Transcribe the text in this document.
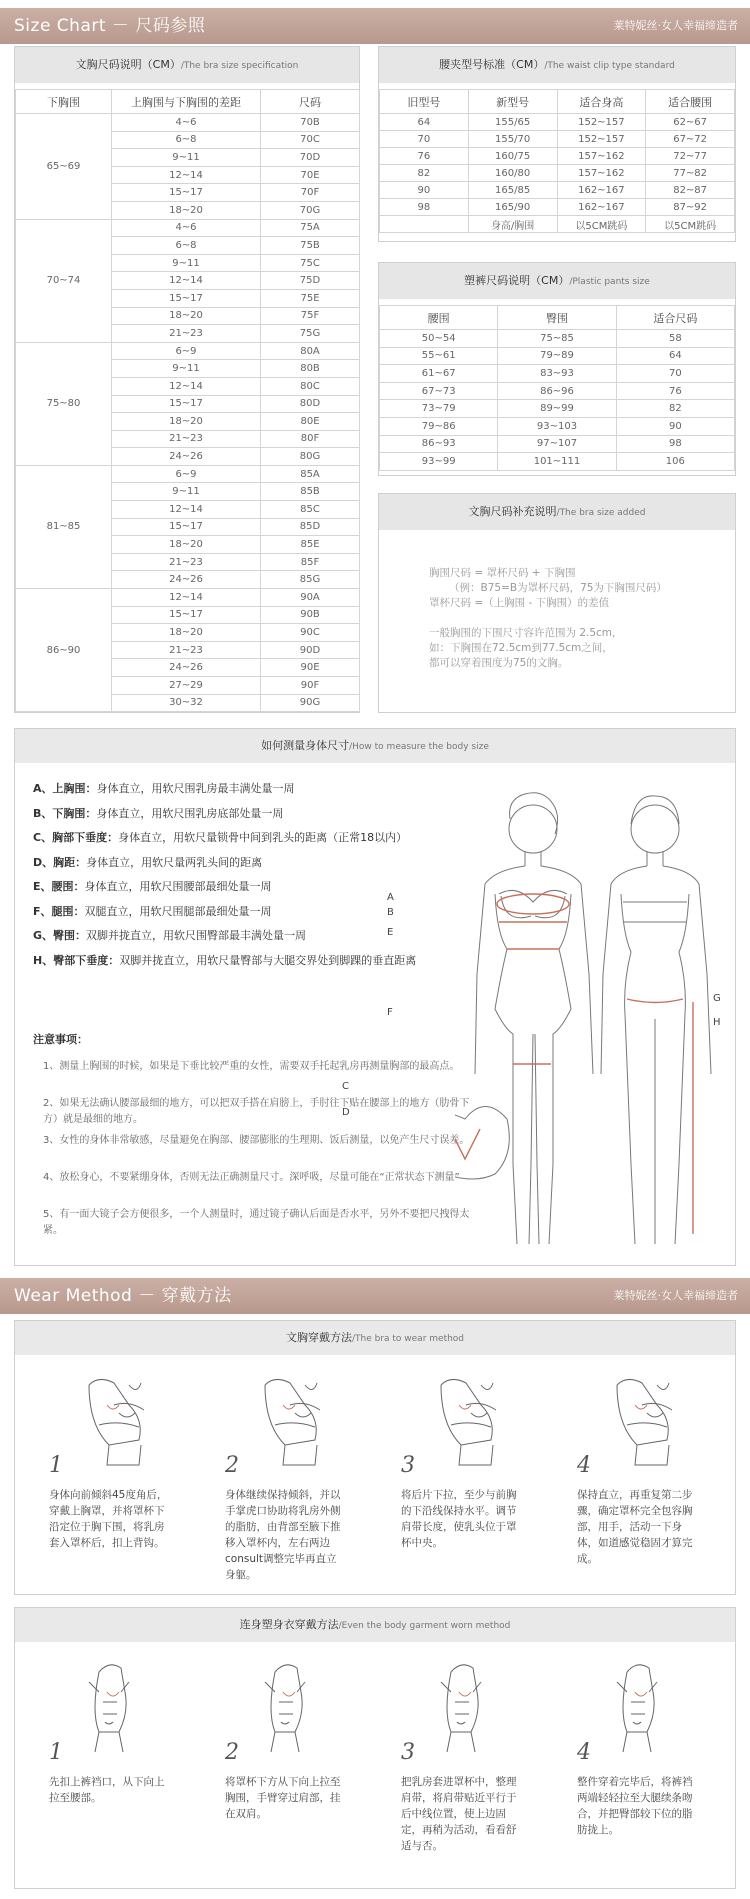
Size Chart － 尺码参照	莱特妮丝·女人幸福缔造者
文胸尺码说明（CM）/The bra size specification
下胸围	上胸围与下胸围的差距	尺码
65~69	4~6	70B
	6~8	70C
	9~11	70D
	12~14	70E
	15~17	70F
	18~20	70G
70~74	4~6	75A
	6~8	75B
	9~11	75C
	12~14	75D
	15~17	75E
	18~20	75F
	21~23	75G
75~80	6~9	80A
	9~11	80B
	12~14	80C
	15~17	80D
	18~20	80E
	21~23	80F
	24~26	80G
81~85	6~9	85A
	9~11	85B
	12~14	85C
	15~17	85D
	18~20	85E
	21~23	85F
	24~26	85G
86~90	12~14	90A
	15~17	90B
	18~20	90C
	21~23	90D
	24~26	90E
	27~29	90F
	30~32	90G
腰夹型号标准（CM）/The waist clip type standard
旧型号	新型号	适合身高	适合腰围
64	155/65	152~157	62~67
70	155/70	152~157	67~72
76	160/75	157~162	72~77
82	160/80	157~162	77~82
90	165/85	162~167	82~87
98	165/90	162~167	87~92
	身高/胸围	以5CM跳码	以5CM跳码
塑裤尺码说明（CM）/Plastic pants size
腰围	臀围	适合尺码
50~54	75~85	58
55~61	79~89	64
61~67	83~93	70
67~73	86~96	76
73~79	89~99	82
79~86	93~103	90
86~93	97~107	98
93~99	101~111	106
文胸尺码补充说明/The bra size added
胸围尺码 = 罩杯尺码 + 下胸围
（例：B75=B为罩杯尺码，75为下胸围尺码）
罩杯尺码 =（上胸围 - 下胸围）的差值
一般胸围的下围尺寸容许范围为 2.5cm，
如：下胸围在72.5cm到77.5cm之间，
都可以穿着围度为75的文胸。
如何测量身体尺寸/How to measure the body size
A、上胸围：身体直立，用软尺围乳房最丰满处量一周
B、下胸围：身体直立，用软尺围乳房底部处量一周
C、胸部下垂度：身体直立，用软尺量锁骨中间到乳头的距离（正常18以内）
D、胸距：身体直立，用软尺量两乳头间的距离
E、腰围：身体直立，用软尺围腰部最细处量一周
F、腿围：双腿直立，用软尺围腿部最细处量一周
G、臀围：双脚并拢直立，用软尺围臀部最丰满处量一周
H、臀部下垂度：双脚并拢直立，用软尺量臀部与大腿交界处到脚踝的垂直距离
注意事项：
1、测量上胸围的时候，如果是下垂比较严重的女性，需要双手托起乳房再测量胸部的最高点。
2、如果无法确认腰部最细的地方，可以把双手搭在肩膀上，手肘往下贴在腰部上的地方（肋骨下方）就是最细的地方。
3、女性的身体非常敏感，尽量避免在胸部、腰部膨胀的生理期、饭后测量，以免产生尺寸误差。
4、放松身心，不要紧绷身体，否则无法正确测量尺寸。深呼吸，尽量可能在“正常状态下测量”
5、有一面大镜子会方便很多，一个人测量时，通过镜子确认后面是否水平，另外不要把尺拽得太紧。
A
B
E
F
C
D
G
H
Wear Method － 穿戴方法	莱特妮丝·女人幸福缔造者
文胸穿戴方法/The bra to wear method
1
身体向前倾斜45度角后，穿戴上胸罩，并将罩杯下沿定位于胸下围，将乳房套入罩杯后，扣上背钩。
2
身体继续保持倾斜，并以手掌虎口协助将乳房外侧的脂肪，由背部至腋下推移入罩杯内，左右两边consult调整完毕再直立身躯。
3
将后片下拉，至少与前胸的下沿线保持水平。调节肩带长度，使乳头位于罩杯中央。
4
保持直立，再重复第二步骤，确定罩杯完全包容胸部，用手，活动一下身体，如道感觉稳固才算完成。
连身塑身衣穿戴方法/Even the body garment worn method
1
先扣上裤裆口，从下向上拉至腰部。
2
将罩杯下方从下向上拉至胸围，手臂穿过肩部，挂在双肩。
3
把乳房套进罩杯中，整理肩带，将肩带贴近平行于后中线位置，使上边固定，再稍为活动，看看舒适与否。
4
整件穿着完毕后，将裤裆两端轻轻拉至大腿续条吻合，并把臀部较下位的脂肪拢上。
